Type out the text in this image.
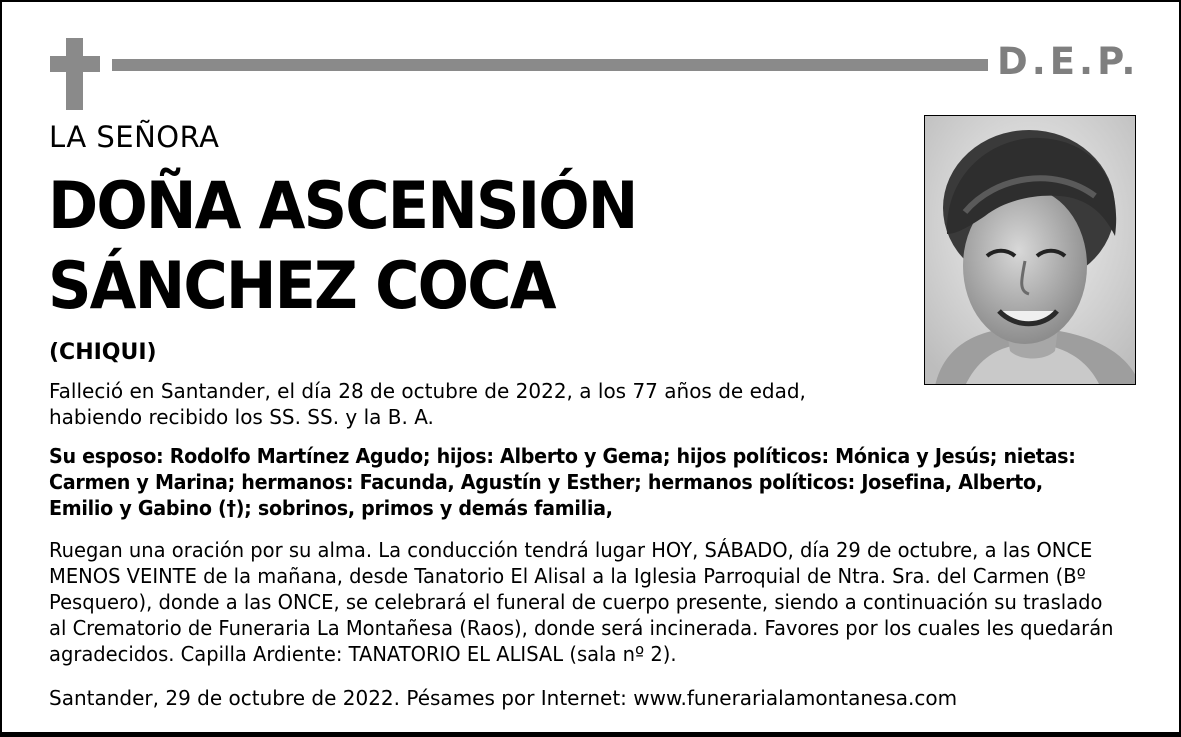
D.E.P.
LA SEÑORA
DOÑA ASCENSIÓN
SÁNCHEZ COCA
(CHIQUI)
Falleció en Santander, el día 28 de octubre de 2022, a los 77 años de edad,
habiendo recibido los SS. SS. y la B. A.
Su esposo: Rodolfo Martínez Agudo; hijos: Alberto y Gema; hijos políticos: Mónica y Jesús; nietas: Carmen y Marina; hermanos: Facunda, Agustín y Esther; hermanos políticos: Josefina, Alberto, Emilio y Gabino (†); sobrinos, primos y demás familia,
Ruegan una oración por su alma. La conducción tendrá lugar HOY, SÁBADO, día 29 de octubre, a las ONCE MENOS VEINTE de la mañana, desde Tanatorio El Alisal a la Iglesia Parroquial de Ntra. Sra. del Carmen (Bº Pesquero), donde a las ONCE, se celebrará el funeral de cuerpo presente, siendo a continuación su traslado al Crematorio de Funeraria La Montañesa (Raos), donde será incinerada. Favores por los cuales les quedarán agradecidos. Capilla Ardiente: TANATORIO EL ALISAL (sala nº 2).
Santander, 29 de octubre de 2022. Pésames por Internet: www.funerarialamontanesa.com
